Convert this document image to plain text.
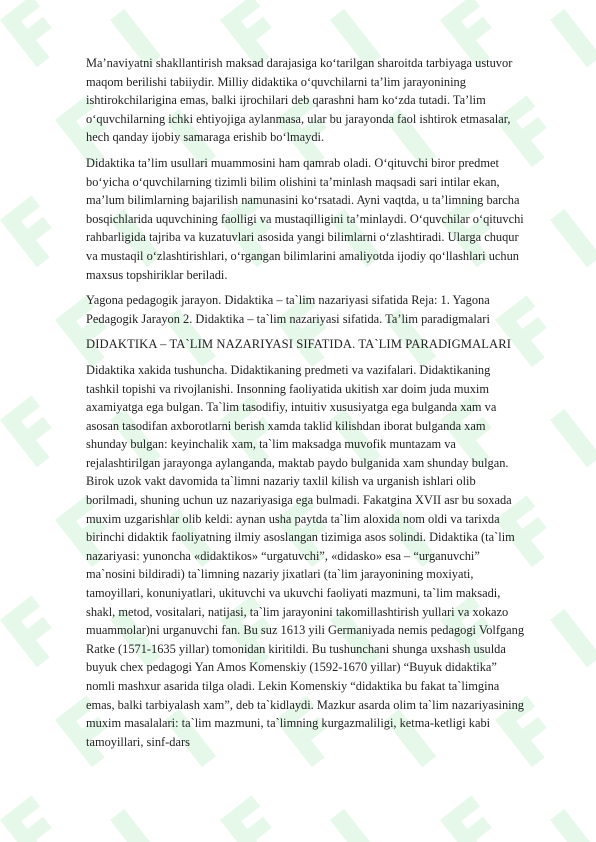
Ma’naviyatni shakllantirish maksad darajasiga ko‘tarilgan sharoitda tarbiyaga ustuvor maqom berilishi tabiiydir. Milliy didaktika o‘quvchilarni ta’lim jarayonining ishtirokchilarigina emas, balki ijrochilari deb qarashni ham ko‘zda tutadi. Ta’lim o‘quvchilarning ichki ehtiyojiga aylanmasa, ular bu jarayonda faol ishtirok etmasalar, hech qanday ijobiy samaraga erishib bo‘lmaydi.

Didaktika ta’lim usullari muammosini ham qamrab oladi. O‘qituvchi biror predmet bo‘yicha o‘quvchilarning tizimli bilim olishini ta’minlash maqsadi sari intilar ekan, ma’lum bilimlarning bajarilish namunasini ko‘rsatadi. Ayni vaqtda, u ta’limning barcha bosqichlarida uquvchining faolligi va mustaqilligini ta’minlaydi. O‘quvchilar o‘qituvchi rahbarligida tajriba va kuzatuvlari asosida yangi bilimlarni o‘zlashtiradi. Ularga chuqur va mustaqil o‘zlashtirishlari, o‘rgangan bilimlarini amaliyotda ijodiy qo‘llashlari uchun maxsus topshiriklar beriladi.

Yagona pedagogik jarayon. Didaktika – ta`lim nazariyasi sifatida Reja: 1. Yagona Pedagogik Jarayon 2. Didaktika – ta`lim nazariyasi sifatida. Ta’lim paradigmalari

DIDAKTIKA – TA`LIM NAZARIYASI SIFATIDA. TA`LIM PARADIGMALARI

Didaktika xakida tushuncha. Didaktikaning predmeti va vazifalari. Didaktikaning tashkil topishi va rivojlanishi. Insonning faoliyatida ukitish xar doim juda muxim axamiyatga ega bulgan. Ta`lim tasodifiy, intuitiv xususiyatga ega bulganda xam va asosan tasodifan axborotlarni berish xamda taklid kilishdan iborat bulganda xam shunday bulgan: keyinchalik xam, ta`lim maksadga muvofik muntazam va rejalashtirilgan jarayonga aylanganda, maktab paydo bulganida xam shunday bulgan. Birok uzok vakt davomida ta`limni nazariy taxlil kilish va urganish ishlari olib borilmadi, shuning uchun uz nazariyasiga ega bulmadi. Fakatgina XVII asr bu soxada muxim uzgarishlar olib keldi: aynan usha paytda ta`lim aloxida nom oldi va tarixda birinchi didaktik faoliyatning ilmiy asoslangan tizimiga asos solindi. Didaktika (ta`lim nazariyasi: yunoncha «didaktikos» “urgatuvchi”, «didasko» esa – “urganuvchi” ma`nosini bildiradi) ta`limning nazariy jixatlari (ta`lim jarayonining moxiyati, tamoyillari, konuniyatlari, ukituvchi va ukuvchi faoliyati mazmuni, ta`lim maksadi, shakl, metod, vositalari, natijasi, ta`lim jarayonini takomillashtirish yullari va xokazo muammolar)ni urganuvchi fan. Bu suz 1613 yili Germaniyada nemis pedagogi Volfgang Ratke (1571-1635 yillar) tomonidan kiritildi. Bu tushunchani shunga uxshash usulda buyuk chex pedagogi Yan Amos Komenskiy (1592-1670 yillar) “Buyuk didaktika” nomli mashxur asarida tilga oladi. Lekin Komenskiy “didaktika bu fakat ta`limgina emas, balki tarbiyalash xam”, deb ta`kidlaydi. Mazkur asarda olim ta`lim nazariyasining muxim masalalari: ta`lim mazmuni, ta`limning kurgazmaliligi, ketma-ketligi kabi tamoyillari, sinf-dars
